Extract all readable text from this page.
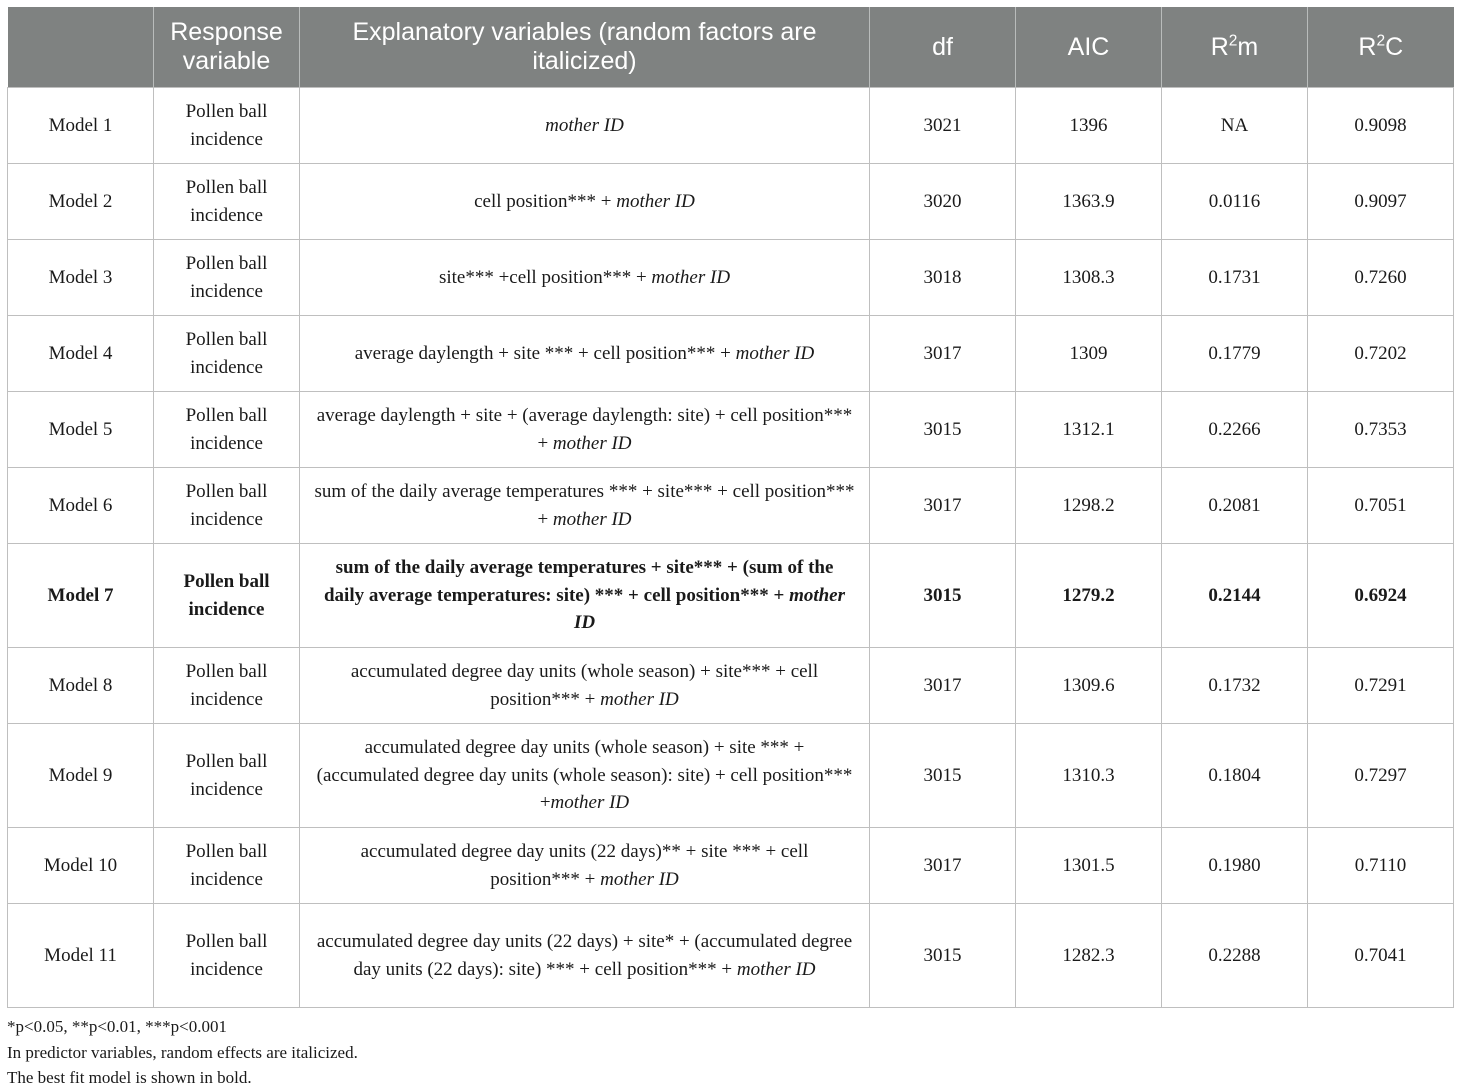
	Response variable	Explanatory variables (random factors are italicized)	df	AIC	$R^2m$	$R^2C$
Model 1	Pollen ball incidence	mother ID	3021	1396	NA	0.9098
Model 2	Pollen ball incidence	cell position*** + mother ID	3020	1363.9	0.0116	0.9097
Model 3	Pollen ball incidence	site*** +cell position*** + mother ID	3018	1308.3	0.1731	0.7260
Model 4	Pollen ball incidence	average daylength + site *** + cell position*** + mother ID	3017	1309	0.1779	0.7202
Model 5	Pollen ball incidence	average daylength + site + (average daylength: site) + cell position*** + mother ID	3015	1312.1	0.2266	0.7353
Model 6	Pollen ball incidence	sum of the daily average temperatures *** + site*** + cell position*** + mother ID	3017	1298.2	0.2081	0.7051
Model 7	Pollen ball incidence	sum of the daily average temperatures + site*** + (sum of the daily average temperatures: site) *** + cell position*** + mother ID	3015	1279.2	0.2144	0.6924
Model 8	Pollen ball incidence	accumulated degree day units (whole season) + site*** + cell position*** + mother ID	3017	1309.6	0.1732	0.7291
Model 9	Pollen ball incidence	accumulated degree day units (whole season) + site *** + (accumulated degree day units (whole season): site) + cell position*** +mother ID	3015	1310.3	0.1804	0.7297
Model 10	Pollen ball incidence	accumulated degree day units (22 days)** + site *** + cell position*** + mother ID	3017	1301.5	0.1980	0.7110
Model 11	Pollen ball incidence	accumulated degree day units (22 days) + site* + (accumulated degree day units (22 days): site) *** + cell position*** + mother ID	3015	1282.3	0.2288	0.7041
*p<0.05, **p<0.01, ***p<0.001
In predictor variables, random effects are italicized.
The best fit model is shown in bold.
